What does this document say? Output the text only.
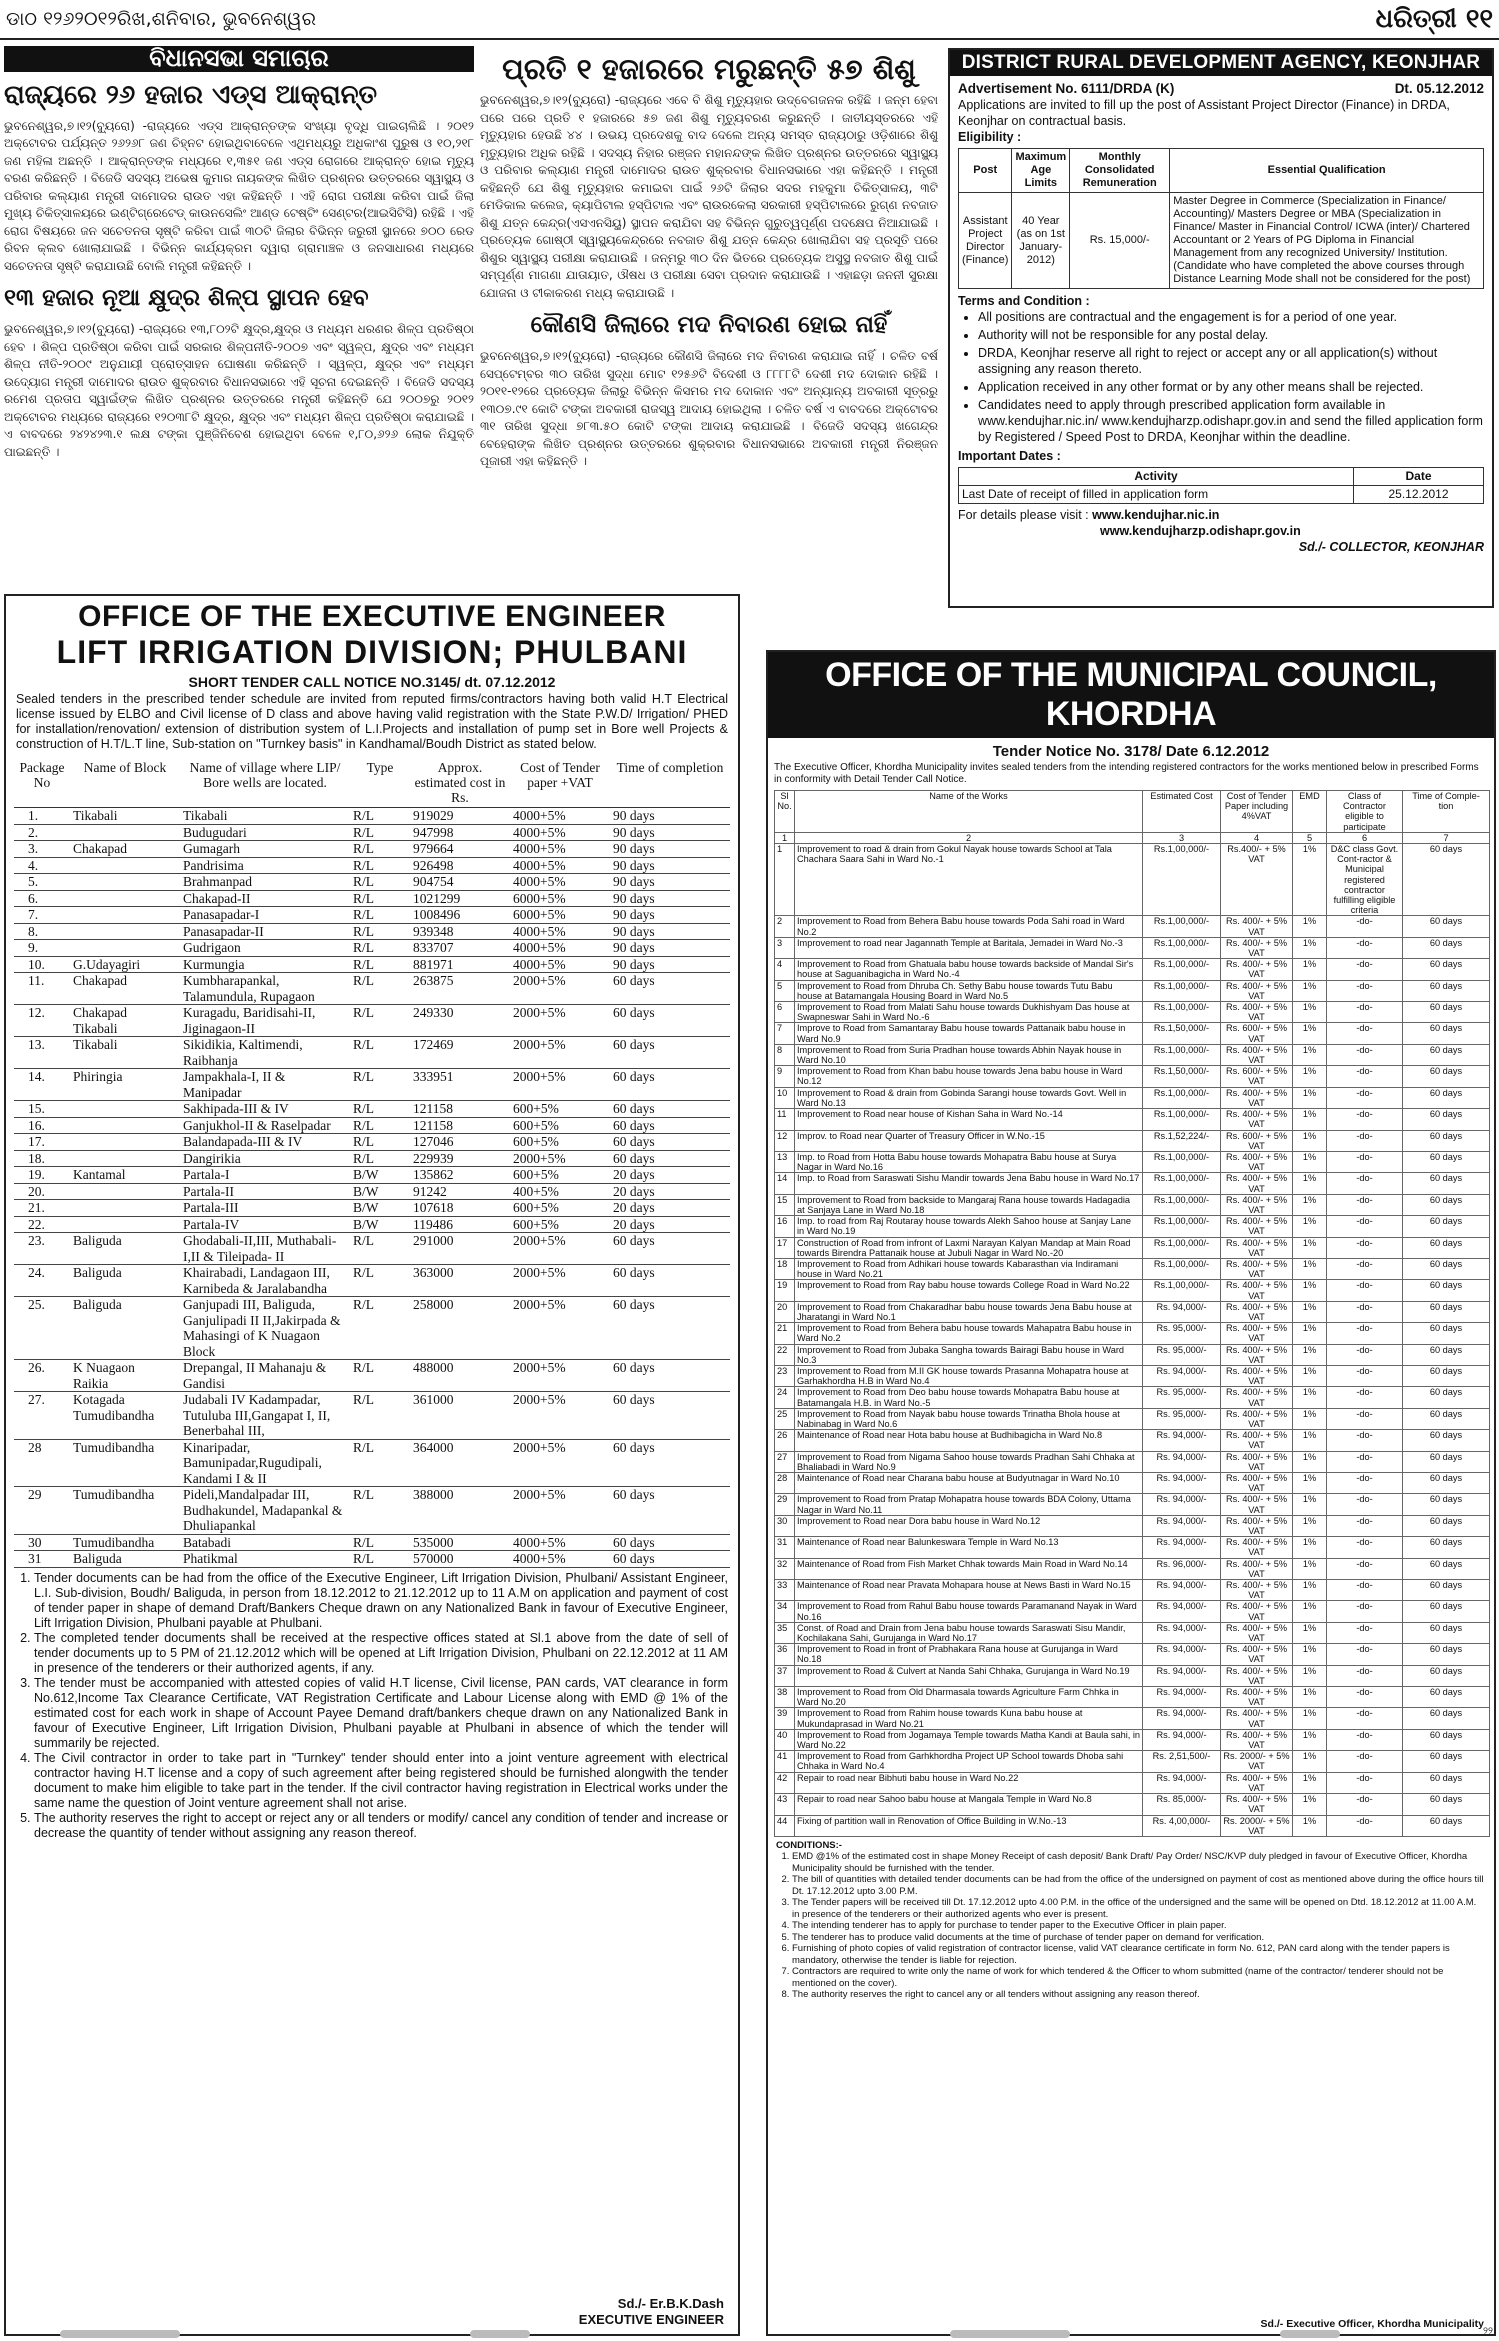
ଡାଠ ୧୨୬୨୦୧୨ରିଖ,ଶନିବାର, ଭୁବନେଶ୍ୱର	ଧରିତ୍ରୀ ୧୧
ବିଧାନସଭା ସମାଚାର
ରାଜ୍ୟରେ ୨୬ ହଜାର ଏଡ୍ସ ଆକ୍ରାନ୍ତ

ଭୁବନେଶ୍ୱର,୭।୧୨(ବ୍ୟୁରୋ) -ରାଜ୍ୟରେ ଏଡ୍ସ ଆକ୍ରାନ୍ତଙ୍କ ସଂଖ୍ୟା ବୃଦ୍ଧି ପାଇଚାଲିଛି । ୨୦୧୨ ଅକ୍ଟୋବର ପର୍ଯ୍ୟନ୍ତ ୨୬୨୬୮ ଜଣ ଚିହ୍ନଟ ହୋଇଥିବାବେଳେ ଏଥିମଧ୍ୟରୁ ଅଧିକାଂଶ ପୁରୁଷ ଓ ୧୦,୨୧୮ ଜଣ ମହିଳା ଅଛନ୍ତି । ଆକ୍ରାନ୍ତଙ୍କ ମଧ୍ୟରେ ୧,୩୫୧ ଜଣ ଏଡ୍ସ ରୋଗରେ ଆକ୍ରାନ୍ତ ହୋଇ ମୃତ୍ୟୁ ବରଣ କରିଛନ୍ତି । ବିଜେଡି ସଦସ୍ୟ ଅଭେଷ କୁମାର ନାୟକଙ୍କ ଲିଖିତ ପ୍ରଶ୍ନର ଉତ୍ତରରେ ସ୍ୱାସ୍ଥ୍ୟ ଓ ପରିବାର କଲ୍ୟାଣ ମନ୍ତ୍ରୀ ଦାମୋଦର ରାଉତ ଏହା କହିଛନ୍ତି । ଏହି ରୋଗ ପରୀକ୍ଷା କରିବା ପାଇଁ ଜିଲା ମୁଖ୍ୟ ଚିକିତ୍ସାଳୟରେ ଇଣ୍ଟିଗ୍ରେଟେଡ୍ କାଉନସେଲିଂ ଆଣ୍ଡ ଟେଷ୍ଟିଂ ସେଣ୍ଟର(ଆଇସିଟିସି) ରହିଛି । ଏହି ରୋଗ ବିଷୟରେ ଜନ ସଚେତନତା ସୃଷ୍ଟି କରିବା ପାଇଁ ୩୦ଟି ଜିଲାର ବିଭିନ୍ନ ଜରୁରୀ ସ୍ଥାନରେ ୭୦୦ ରେଡ ରିବନ କ୍ଲବ ଖୋଲାଯାଇଛି । ବିଭିନ୍ନ କାର୍ଯ୍ୟକ୍ରମ ଦ୍ୱାରା ଗ୍ରାମାଞ୍ଚଳ ଓ ଜନସାଧାରଣ ମଧ୍ୟରେ ସଚେତନତା ସୃଷ୍ଟି କରାଯାଉଛି ବୋଲି ମନ୍ତ୍ରୀ କହିଛନ୍ତି ।

୧୩ ହଜାର ନୂଆ କ୍ଷୁଦ୍ର ଶିଳ୍ପ ସ୍ଥାପନ ହେବ

ଭୁବନେଶ୍ୱର,୭।୧୨(ବ୍ୟୁରୋ) -ରାଜ୍ୟରେ ୧୩,୮୦୨ଟି କ୍ଷୁଦ୍ର,କ୍ଷୁଦ୍ର ଓ ମଧ୍ୟମ ଧରଣର ଶିଳ୍ପ ପ୍ରତିଷ୍ଠା ହେବ । ଶିଳ୍ପ ପ୍ରତିଷ୍ଠା କରିବା ପାଇଁ ସରକାର ଶିଳ୍ପନୀତି-୨୦୦୭ ଏବଂ ସ୍ୱଳ୍ପ, କ୍ଷୁଦ୍ର ଏବଂ ମଧ୍ୟମ ଶିଳ୍ପ ନୀତି-୨୦୦୯ ଅନୁଯାୟୀ ପ୍ରୋତ୍ସାହନ ଘୋଷଣା କରିଛନ୍ତି । ସ୍ୱଳ୍ପ, କ୍ଷୁଦ୍ର ଏବଂ ମଧ୍ୟମ ଉଦ୍ୟୋଗ ମନ୍ତ୍ରୀ ଦାମୋଦର ରାଉତ ଶୁକ୍ରବାର ବିଧାନସଭାରେ ଏହି ସୂଚନା ଦେଇଛନ୍ତି । ବିଜେଡି ସଦସ୍ୟ ରମେଶ ପ୍ରତାପ ସ୍ୱାଇଁଙ୍କ ଲିଖିତ ପ୍ରଶ୍ନର ଉତ୍ତରରେ ମନ୍ତ୍ରୀ କହିଛନ୍ତି ଯେ ୨୦୦୭ରୁ ୨୦୧୨ ଅକ୍ଟୋବର ମଧ୍ୟରେ ରାଜ୍ୟରେ ୧୨୦୩୮ଟି କ୍ଷୁଦ୍ର, କ୍ଷୁଦ୍ର ଏବଂ ମଧ୍ୟମ ଶିଳ୍ପ ପ୍ରତିଷ୍ଠା କରାଯାଇଛି । ଏ ବାବଦରେ ୨୪୨୪୨୩.୧ ଲକ୍ଷ ଟଙ୍କା ପୁଞ୍ଜିନିବେଶ ହୋଇଥିବା ବେଳେ ୧,୮୦,୬୨୬ ଲୋକ ନିଯୁକ୍ତି ପାଇଛନ୍ତି ।

ପ୍ରତି ୧ ହଜାରରେ ମରୁଛନ୍ତି ୫୭ ଶିଶୁ

ଭୁବନେଶ୍ୱର,୭।୧୨(ବ୍ୟୁରୋ) -ରାଜ୍ୟରେ ଏବେ ବି ଶିଶୁ ମୃତ୍ୟୁହାର ଉଦ୍‌ବେଗଜନକ ରହିଛି । ଜନ୍ମ ହେବା ପରେ ପରେ ପ୍ରତି ୧ ହଜାରରେ ୫୭ ଜଣ ଶିଶୁ ମୃତ୍ୟୁବରଣ କରୁଛନ୍ତି । ଜାତୀୟସ୍ତରରେ ଏହି ମୃତ୍ୟୁହାର ହେଉଛି ୪୪ । ଉଭୟ ପ୍ରଦେଶକୁ ବାଦ ଦେଲେ ଅନ୍ୟ ସମସ୍ତ ରାଜ୍ୟଠାରୁ ଓଡ଼ିଶାରେ ଶିଶୁ ମୃତ୍ୟୁହାର ଅଧିକ ରହିଛି । ସଦସ୍ୟ ନିହାର ରଞ୍ଜନ ମହାନନ୍ଦଙ୍କ ଲିଖିତ ପ୍ରଶ୍ନର ଉତ୍ତରରେ ସ୍ୱାସ୍ଥ୍ୟ ଓ ପରିବାର କଲ୍ୟାଣ ମନ୍ତ୍ରୀ ଦାମୋଦର ରାଉତ ଶୁକ୍ରବାର ବିଧାନସଭାରେ ଏହା କହିଛନ୍ତି । ମନ୍ତ୍ରୀ କହିଛନ୍ତି ଯେ ଶିଶୁ ମୃତ୍ୟୁହାର କମାଇବା ପାଇଁ ୨୬ଟି ଜିଲାର ସଦର ମହକୁମା ଚିକିତ୍ସାଳୟ, ୩ଟି ମେଡିକାଲ କଲେଜ, କ୍ୟାପିଟାଲ ହସ୍‌ପିଟାଲ ଏବଂ ରାଉରକେଲା ସରକାରୀ ହସ୍‌ପିଟାଲରେ ରୁଗ୍ଣ ନବଜାତ ଶିଶୁ ଯତ୍ନ କେନ୍ଦ୍ର(ଏସଏନସିୟୁ) ସ୍ଥାପନ କରାଯିବା ସହ ବିଭିନ୍ନ ଗୁରୁତ୍ୱପୂର୍ଣ୍ଣ ପଦକ୍ଷେପ ନିଆଯାଇଛି । ପ୍ରତ୍ୟେକ ଗୋଷ୍ଠୀ ସ୍ୱାସ୍ଥ୍ୟକେନ୍ଦ୍ରରେ ନବଜାତ ଶିଶୁ ଯତ୍ନ କେନ୍ଦ୍ର ଖୋଲାଯିବା ସହ ପ୍ରସୂତି ପରେ ଶିଶୁର ସ୍ୱାସ୍ଥ୍ୟ ପରୀକ୍ଷା କରାଯାଉଛି । ଜନ୍ମରୁ ୩୦ ଦିନ ଭିତରେ ପ୍ରତ୍ୟେକ ଅସୁସ୍ଥ ନବଜାତ ଶିଶୁ ପାଇଁ ସମ୍ପୂର୍ଣ୍ଣ ମାଗଣା ଯାତାୟାତ, ଔଷଧ ଓ ପରୀକ୍ଷା ସେବା ପ୍ରଦାନ କରାଯାଉଛି । ଏହାଛଡ଼ା ଜନନୀ ସୁରକ୍ଷା ଯୋଜନା ଓ ଟୀକାକରଣ ମଧ୍ୟ କରାଯାଉଛି ।

କୌଣସି ଜିଲାରେ ମଦ ନିବାରଣ ହୋଇ ନାହିଁ

ଭୁବନେଶ୍ୱର,୭।୧୨(ବ୍ୟୁରୋ) -ରାଜ୍ୟରେ କୌଣସି ଜିଲାରେ ମଦ ନିବାରଣ କରାଯାଇ ନାହିଁ । ଚଳିତ ବର୍ଷ ସେପ୍ଟେମ୍ବର ୩୦ ତାରିଖ ସୁଦ୍ଧା ମୋଟ ୧୨୫୬ଟି ବିଦେଶୀ ଓ ୮୮୮୮ଟି ଦେଶୀ ମଦ ଦୋକାନ ରହିଛି । ୨୦୧୧-୧୨ରେ ପ୍ରତ୍ୟେକ ଜିଲାରୁ ବିଭିନ୍ନ କିସମର ମଦ ଦୋକାନ ଏବଂ ଅନ୍ୟାନ୍ୟ ଅବକାରୀ ସୂତ୍ରରୁ ୧୩୦୭.୯୧ କୋଟି ଟଙ୍କା ଅବକାରୀ ରାଜସ୍ୱ ଆଦାୟ ହୋଇଥିଲା । ଚଳିତ ବର୍ଷ ଏ ବାବଦରେ ଅକ୍ଟୋବର ୩୧ ତାରିଖ ସୁଦ୍ଧା ୭୮୩.୫୦ କୋଟି ଟଙ୍କା ଆଦାୟ କରାଯାଇଛି । ବିଜେଡି ସଦସ୍ୟ ଖଗେନ୍ଦ୍ର ବେହେରାଙ୍କ ଲିଖିତ ପ୍ରଶ୍ନର ଉତ୍ତରରେ ଶୁକ୍ରବାର ବିଧାନସଭାରେ ଅବକାରୀ ମନ୍ତ୍ରୀ ନିରଞ୍ଜନ ପୂଜାରୀ ଏହା କହିଛନ୍ତି ।

DISTRICT RURAL DEVELOPMENT AGENCY, KEONJHAR
Advertisement No. 6111/DRDA (K)	Dt. 05.12.2012
Applications are invited to fill up the post of Assistant Project Director (Finance) in DRDA, Keonjhar on contractual basis.
Eligibility :
Post	Maximum Age Limits	Monthly Consolidated Remuneration	Essential Qualification
Assistant Project Director (Finance)	40 Year (as on 1st January-2012)	Rs. 15,000/-	Master Degree in Commerce (Specialization in Finance/ Accounting)/ Masters Degree or MBA (Specialization in Finance/ Master in Financial Control/ ICWA (inter)/ Chartered Accountant or 2 Years of PG Diploma in Financial Management from any recognized University/ Institution. (Candidate who have completed the above courses through Distance Learning Mode shall not be considered for the post)
Terms and Condition :
• All positions are contractual and the engagement is for a period of one year.
• Authority will not be responsible for any postal delay.
• DRDA, Keonjhar reserve all right to reject or accept any or all application(s) without assigning any reason thereto.
• Application received in any other format or by any other means shall be rejected.
• Candidates need to apply through prescribed application form available in www.kendujhar.nic.in/ www.kendujharzp.odishapr.gov.in and send the filled application form by Registered / Speed Post to DRDA, Keonjhar within the deadline.
Important Dates :
Activity	Date
Last Date of receipt of filled in application form	25.12.2012
For details please visit : www.kendujhar.nic.in
www.kendujharzp.odishapr.gov.in
Sd./- COLLECTOR, KEONJHAR
OFFICE OF THE EXECUTIVE ENGINEER
LIFT IRRIGATION DIVISION; PHULBANI
SHORT TENDER CALL NOTICE NO.3145/ dt. 07.12.2012
Sealed tenders in the prescribed tender schedule are invited from reputed firms/contractors having both valid H.T Electrical license issued by ELBO and Civil license of D class and above having valid registration with the State P.W.D/ Irrigation/ PHED for installation/renovation/ extension of distribution system of L.I.Projects and installation of pump set in Bore well Projects & construction of H.T/L.T line, Sub-station on "Turnkey basis" in Kandhamal/Boudh District as stated below.
Package No	Name of Block	Name of village where LIP/ Bore wells are located.	Type	Approx. estimated cost in Rs.	Cost of Tender paper +VAT	Time of completion
1.	Tikabali	Tikabali	R/L	919029	4000+5%	90 days
2.		Budugudari	R/L	947998	4000+5%	90 days
3.	Chakapad	Gumagarh	R/L	979664	4000+5%	90 days
4.		Pandrisima	R/L	926498	4000+5%	90 days
5.		Brahmanpad	R/L	904754	4000+5%	90 days
6.		Chakapad-II	R/L	1021299	6000+5%	90 days
7.		Panasapadar-I	R/L	1008496	6000+5%	90 days
8.		Panasapadar-II	R/L	939348	4000+5%	90 days
9.		Gudrigaon	R/L	833707	4000+5%	90 days
10.	G.Udayagiri	Kurmungia	R/L	881971	4000+5%	90 days
11.	Chakapad	Kumbharapankal, Talamundula, Rupagaon	R/L	263875	2000+5%	60 days
12.	Chakapad
Tikabali	Kuragadu, Baridisahi-II, Jiginagaon-II	R/L	249330	2000+5%	60 days
13.	Tikabali	Sikidikia, Kaltimendi, Raibhanja	R/L	172469	2000+5%	60 days
14.	Phiringia	Jampakhala-I, II & Manipadar	R/L	333951	2000+5%	60 days
15.		Sakhipada-III & IV	R/L	121158	600+5%	60 days
16.		Ganjukhol-II & Raselpadar	R/L	121158	600+5%	60 days
17.		Balandapada-III & IV	R/L	127046	600+5%	60 days
18.		Dangirikia	R/L	229939	2000+5%	60 days
19.	Kantamal	Partala-I	B/W	135862	600+5%	20 days
20.		Partala-II	B/W	91242	400+5%	20 days
21.		Partala-III	B/W	107618	600+5%	20 days
22.		Partala-IV	B/W	119486	600+5%	20 days
23.	Baliguda	Ghodabali-II,III, Muthabali- I,II & Tileipada- II	R/L	291000	2000+5%	60 days
24.	Baliguda	Khairabadi, Landagaon III, Karnibeda & Jaralabandha	R/L	363000	2000+5%	60 days
25.	Baliguda	Ganjupadi III, Baliguda, Ganjulipadi II II,Jakirpada & Mahasingi of K Nuagaon Block	R/L	258000	2000+5%	60 days
26.	K Nuagaon
Raikia	Drepangal, II Mahanaju & Gandisi	R/L	488000	2000+5%	60 days
27.	Kotagada
Tumudibandha	Judabali IV Kadampadar, Tutuluba III,Gangapat I, II, Benerbahal III,	R/L	361000	2000+5%	60 days
28	Tumudibandha	Kinaripadar, Bamunipadar,Rugudipali, Kandami I & II	R/L	364000	2000+5%	60 days
29	Tumudibandha	Pideli,Mandalpadar III, Budhakundel, Madapankal & Dhuliapankal	R/L	388000	2000+5%	60 days
30	Tumudibandha	Batabadi	R/L	535000	4000+5%	60 days
31	Baliguda	Phatikmal	R/L	570000	4000+5%	60 days
1. Tender documents can be had from the office of the Executive Engineer, Lift Irrigation Division, Phulbani/ Assistant Engineer, L.I. Sub-division, Boudh/ Baliguda, in person from 18.12.2012 to 21.12.2012 up to 11 A.M on application and payment of cost of tender paper in shape of demand Draft/Bankers Cheque drawn on any Nationalized Bank in favour of Executive Engineer, Lift Irrigation Division, Phulbani payable at Phulbani.
2. The completed tender documents shall be received at the respective offices stated at Sl.1 above from the date of sell of tender documents up to 5 PM of 21.12.2012 which will be opened at Lift Irrigation Division, Phulbani on 22.12.2012 at 11 AM in presence of the tenderers or their authorized agents, if any.
3. The tender must be accompanied with attested copies of valid H.T license, Civil license, PAN cards, VAT clearance in form No.612,Income Tax Clearance Certificate, VAT Registration Certificate and Labour License along with EMD @ 1% of the estimated cost for each work in shape of Account Payee Demand draft/bankers cheque drawn on any Nationalized Bank in favour of Executive Engineer, Lift Irrigation Division, Phulbani payable at Phulbani in absence of which the tender will summarily be rejected.
4. The Civil contractor in order to take part in "Turnkey" tender should enter into a joint venture agreement with electrical contractor having H.T license and a copy of such agreement after being registered should be furnished alongwith the tender document to make him eligible to take part in the tender. If the civil contractor having registration in Electrical works under the same name the question of Joint venture agreement shall not arise.
5. The authority reserves the right to accept or reject any or all tenders or modify/ cancel any condition of tender and increase or decrease the quantity of tender without assigning any reason thereof.
Sd./- Er.B.K.Dash
EXECUTIVE ENGINEER
OFFICE OF THE MUNICIPAL COUNCIL, KHORDHA
Tender Notice No. 3178/ Date 6.12.2012
The Executive Officer, Khordha Municipality invites sealed tenders from the intending registered contractors for the works mentioned below in prescribed Forms in conformity with Detail Tender Call Notice.
Sl No.	Name of the Works	Estimated Cost	Cost of Tender Paper including 4%VAT	EMD	Class of Contractor eligible to participate	Time of Comple-tion
1	2	3	4	5	6	7
1	Improvement to road & drain from Gokul Nayak house towards School at Tala Chachara Saara Sahi in Ward No.-1	Rs.1,00,000/-	Rs.400/- + 5% VAT	1%	D&C class Govt. Cont-ractor & Municipal registered contractor fulfilling eligible criteria	60 days
2	Improvement to Road from Behera Babu house towards Poda Sahi road in Ward No.2	Rs.1,00,000/-	Rs. 400/- + 5% VAT	1%	-do-	60 days
3	Improvement to road near Jagannath Temple at Baritala, Jemadei in Ward No.-3	Rs.1,00,000/-	Rs. 400/- + 5% VAT	1%	-do-	60 days
4	Improvement to Road from Ghatuala babu house towards backside of Mandal Sir's house at Saguanibagicha in Ward No.-4	Rs.1,00,000/-	Rs. 400/- + 5% VAT	1%	-do-	60 days
5	Improvement to Road from Dhruba Ch. Sethy Babu house towards Tutu Babu house at Batamangala Housing Board in Ward No.5	Rs.1,00,000/-	Rs. 400/- + 5% VAT	1%	-do-	60 days
6	Improvement to Road from Malati Sahu house towards Dukhishyam Das house at Swapneswar Sahi in Ward No.-6	Rs.1,00,000/-	Rs. 400/- + 5% VAT	1%	-do-	60 days
7	Improve to Road from Samantaray Babu house towards Pattanaik babu house in Ward No.9	Rs.1,50,000/-	Rs. 600/- + 5% VAT	1%	-do-	60 days
8	Improvement to Road from Suria Pradhan house towards Abhin Nayak house in Ward No.10	Rs.1,00,000/-	Rs. 400/- + 5% VAT	1%	-do-	60 days
9	Improvement to Road from Khan babu house towards Jena babu house in Ward No.12	Rs.1,50,000/-	Rs. 600/- + 5% VAT	1%	-do-	60 days
10	Improvement to Road & drain from Gobinda Sarangi house towards Govt. Well in Ward No.13	Rs.1,00,000/-	Rs. 400/- + 5% VAT	1%	-do-	60 days
11	Improvement to Road near house of Kishan Saha in Ward No.-14	Rs.1,00,000/-	Rs. 400/- + 5% VAT	1%	-do-	60 days
12	Improv. to Road near Quarter of Treasury Officer in W.No.-15	Rs.1,52,224/-	Rs. 600/- + 5% VAT	1%	-do-	60 days
13	Imp. to Road from Hotta Babu house towards Mohapatra Babu house at Surya Nagar in Ward No.16	Rs.1,00,000/-	Rs. 400/- + 5% VAT	1%	-do-	60 days
14	Imp. to Road from Saraswati Sishu Mandir towards Jena Babu house in Ward No.17	Rs.1,00,000/-	Rs. 400/- + 5% VAT	1%	-do-	60 days
15	Improvement to Road from backside to Mangaraj Rana house towards Hadagadia at Sanjaya Lane in Ward No.18	Rs.1,00,000/-	Rs. 400/- + 5% VAT	1%	-do-	60 days
16	Imp. to road from Raj Routaray house towards Alekh Sahoo house at Sanjay Lane in Ward No.19	Rs.1,00,000/-	Rs. 400/- + 5% VAT	1%	-do-	60 days
17	Construction of Road from infront of Laxmi Narayan Kalyan Mandap at Main Road towards Birendra Pattanaik house at Jubuli Nagar in Ward No.-20	Rs.1,00,000/-	Rs. 400/- + 5% VAT	1%	-do-	60 days
18	Improvement to Road from Adhikari house towards Kabarasthan via Indiramani house in Ward No.21	Rs.1,00,000/-	Rs. 400/- + 5% VAT	1%	-do-	60 days
19	Improvement to Road from Ray babu house towards College Road in Ward No.22	Rs.1,00,000/-	Rs. 400/- + 5% VAT	1%	-do-	60 days
20	Improvement to Road from Chakaradhar babu house towards Jena Babu house at Jharatangi in Ward No.1	Rs. 94,000/-	Rs. 400/- + 5% VAT	1%	-do-	60 days
21	Improvement to Road from Behera babu house towards Mahapatra Babu house in Ward No.2	Rs. 95,000/-	Rs. 400/- + 5% VAT	1%	-do-	60 days
22	Improvement to Road from Jubaka Sangha towards Bairagi Babu house in Ward No.3	Rs. 95,000/-	Rs. 400/- + 5% VAT	1%	-do-	60 days
23	Improvement to Road from M.II GK house towards Prasanna Mohapatra house at Garhakhordha H.B in Ward No.4	Rs. 94,000/-	Rs. 400/- + 5% VAT	1%	-do-	60 days
24	Improvement to Road from Deo babu house towards Mohapatra Babu house at Batamangala H.B. in Ward No.-5	Rs. 95,000/-	Rs. 400/- + 5% VAT	1%	-do-	60 days
25	Improvement to Road from Nayak babu house towards Trinatha Bhola house at Nabinabag in Ward No.6	Rs. 95,000/-	Rs. 400/- + 5% VAT	1%	-do-	60 days
26	Maintenance of Road near Hota babu house at Budhibagicha in Ward No.8	Rs. 94,000/-	Rs. 400/- + 5% VAT	1%	-do-	60 days
27	Improvement to Road from Nigama Sahoo house towards Pradhan Sahi Chhaka at Bhaliabadi in Ward No.9	Rs. 94,000/-	Rs. 400/- + 5% VAT	1%	-do-	60 days
28	Maintenance of Road near Charana babu house at Budyutnagar in Ward No.10	Rs. 94,000/-	Rs. 400/- + 5% VAT	1%	-do-	60 days
29	Improvement to Road from Pratap Mohapatra house towards BDA Colony, Uttama Nagar in Ward No.11	Rs. 94,000/-	Rs. 400/- + 5% VAT	1%	-do-	60 days
30	Improvement to Road near Dora babu house in Ward No.12	Rs. 94,000/-	Rs. 400/- + 5% VAT	1%	-do-	60 days
31	Maintenance of Road near Balunkeswara Temple in Ward No.13	Rs. 94,000/-	Rs. 400/- + 5% VAT	1%	-do-	60 days
32	Maintenance of Road from Fish Market Chhak towards Main Road in Ward No.14	Rs. 96,000/-	Rs. 400/- + 5% VAT	1%	-do-	60 days
33	Maintenance of Road near Pravata Mohapara house at News Basti in Ward No.15	Rs. 94,000/-	Rs. 400/- + 5% VAT	1%	-do-	60 days
34	Improvement to Road from Rahul Babu house towards Paramanand Nayak in Ward No.16	Rs. 94,000/-	Rs. 400/- + 5% VAT	1%	-do-	60 days
35	Const. of Road and Drain from Jena babu house towards Saraswati Sisu Mandir, Kochilakana Sahi, Gurujanga in Ward No.17	Rs. 94,000/-	Rs. 400/- + 5% VAT	1%	-do-	60 days
36	Improvement to Road in front of Prabhakara Rana house at Gurujanga in Ward No.18	Rs. 94,000/-	Rs. 400/- + 5% VAT	1%	-do-	60 days
37	Improvement to Road & Culvert at Nanda Sahi Chhaka, Gurujanga in Ward No.19	Rs. 94,000/-	Rs. 400/- + 5% VAT	1%	-do-	60 days
38	Improvement to Road from Old Dharmasala towards Agriculture Farm Chhka in Ward No.20	Rs. 94,000/-	Rs. 400/- + 5% VAT	1%	-do-	60 days
39	Improvement to Road from Rahim house towards Kuna babu house at Mukundaprasad in Ward No.21	Rs. 94,000/-	Rs. 400/- + 5% VAT	1%	-do-	60 days
40	Improvement to Road from Jogamaya Temple towards Matha Kandi at Baula sahi, in Ward No.22	Rs. 94,000/-	Rs. 400/- + 5% VAT	1%	-do-	60 days
41	Improvement to Road from Garhkhordha Project UP School towards Dhoba sahi Chhaka in Ward No.4	Rs. 2,51,500/-	Rs. 2000/- + 5% VAT	1%	-do-	60 days
42	Repair to road near Bibhuti babu house in Ward No.22	Rs. 94,000/-	Rs. 400/- + 5% VAT	1%	-do-	60 days
43	Repair to road near Sahoo babu house at Mangala Temple in Ward No.8	Rs. 85,000/-	Rs. 400/- + 5% VAT	1%	-do-	60 days
44	Fixing of partition wall in Renovation of Office Building in W.No.-13	Rs. 4,00,000/-	Rs. 2000/- + 5% VAT	1%	-do-	60 days
CONDITIONS:-
1. EMD @1% of the estimated cost in shape Money Receipt of cash deposit/ Bank Draft/ Pay Order/ NSC/KVP duly pledged in favour of Executive Officer, Khordha Municipality should be furnished with the tender.
2. The bill of quantities with detailed tender documents can be had from the office of the undersigned on payment of cost as mentioned above during the office hours till Dt. 17.12.2012 upto 3.00 P.M.
3. The Tender papers will be received till Dt. 17.12.2012 upto 4.00 P.M. in the office of the undersigned and the same will be opened on Dtd. 18.12.2012 at 11.00 A.M. in presence of the tenderers or their authorized agents who ever is present.
4. The intending tenderer has to apply for purchase to tender paper to the Executive Officer in plain paper.
5. The tenderer has to produce valid documents at the time of purchase of tender paper on demand for verification.
6. Furnishing of photo copies of valid registration of contractor license, valid VAT clearance certificate in form No. 612, PAN card along with the tender papers is mandatory, otherwise the tender is liable for rejection.
7. Contractors are required to write only the name of work for which tendered & the Officer to whom submitted (name of the contractor/ tenderer should not be mentioned on the cover).
8. The authority reserves the right to cancel any or all tenders without assigning any reason thereof.
Sd./- Executive Officer, Khordha Municipality
୨୨
